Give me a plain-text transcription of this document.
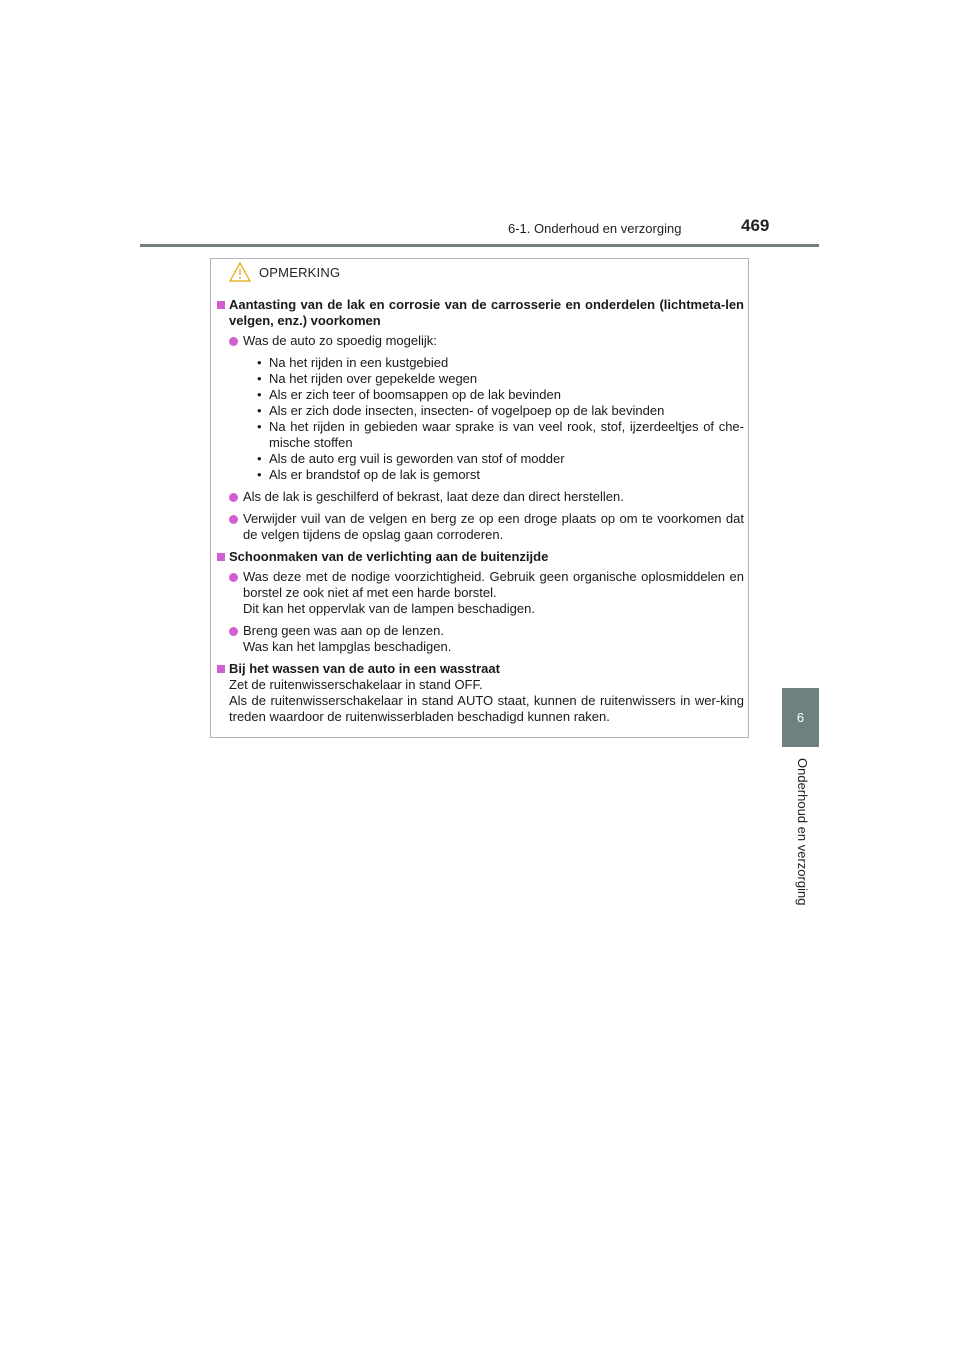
6-1. Onderhoud en verzorging	469
6
Onderhoud en verzorging
OPMERKING
Aantasting van de lak en corrosie van de carrosserie en onderdelen (lichtmeta-len velgen, enz.) voorkomen

Was de auto zo spoedig mogelijk:

• Na het rijden in een kustgebied
• Na het rijden over gepekelde wegen
• Als er zich teer of boomsappen op de lak bevinden
• Als er zich dode insecten, insecten- of vogelpoep op de lak bevinden
• Na het rijden in gebieden waar sprake is van veel rook, stof, ijzerdeeltjes of che-mische stoffen
• Als de auto erg vuil is geworden van stof of modder
• Als er brandstof op de lak is gemorst

Als de lak is geschilferd of bekrast, laat deze dan direct herstellen.

Verwijder vuil van de velgen en berg ze op een droge plaats op om te voorkomen dat de velgen tijdens de opslag gaan corroderen.

Schoonmaken van de verlichting aan de buitenzijde

Was deze met de nodige voorzichtigheid. Gebruik geen organische oplosmiddelen en borstel ze ook niet af met een harde borstel.

Dit kan het oppervlak van de lampen beschadigen.

Breng geen was aan op de lenzen.

Was kan het lampglas beschadigen.

Bij het wassen van de auto in een wasstraat

Zet de ruitenwisserschakelaar in stand OFF.

Als de ruitenwisserschakelaar in stand AUTO staat, kunnen de ruitenwissers in wer-king treden waardoor de ruitenwisserbladen beschadigd kunnen raken.
